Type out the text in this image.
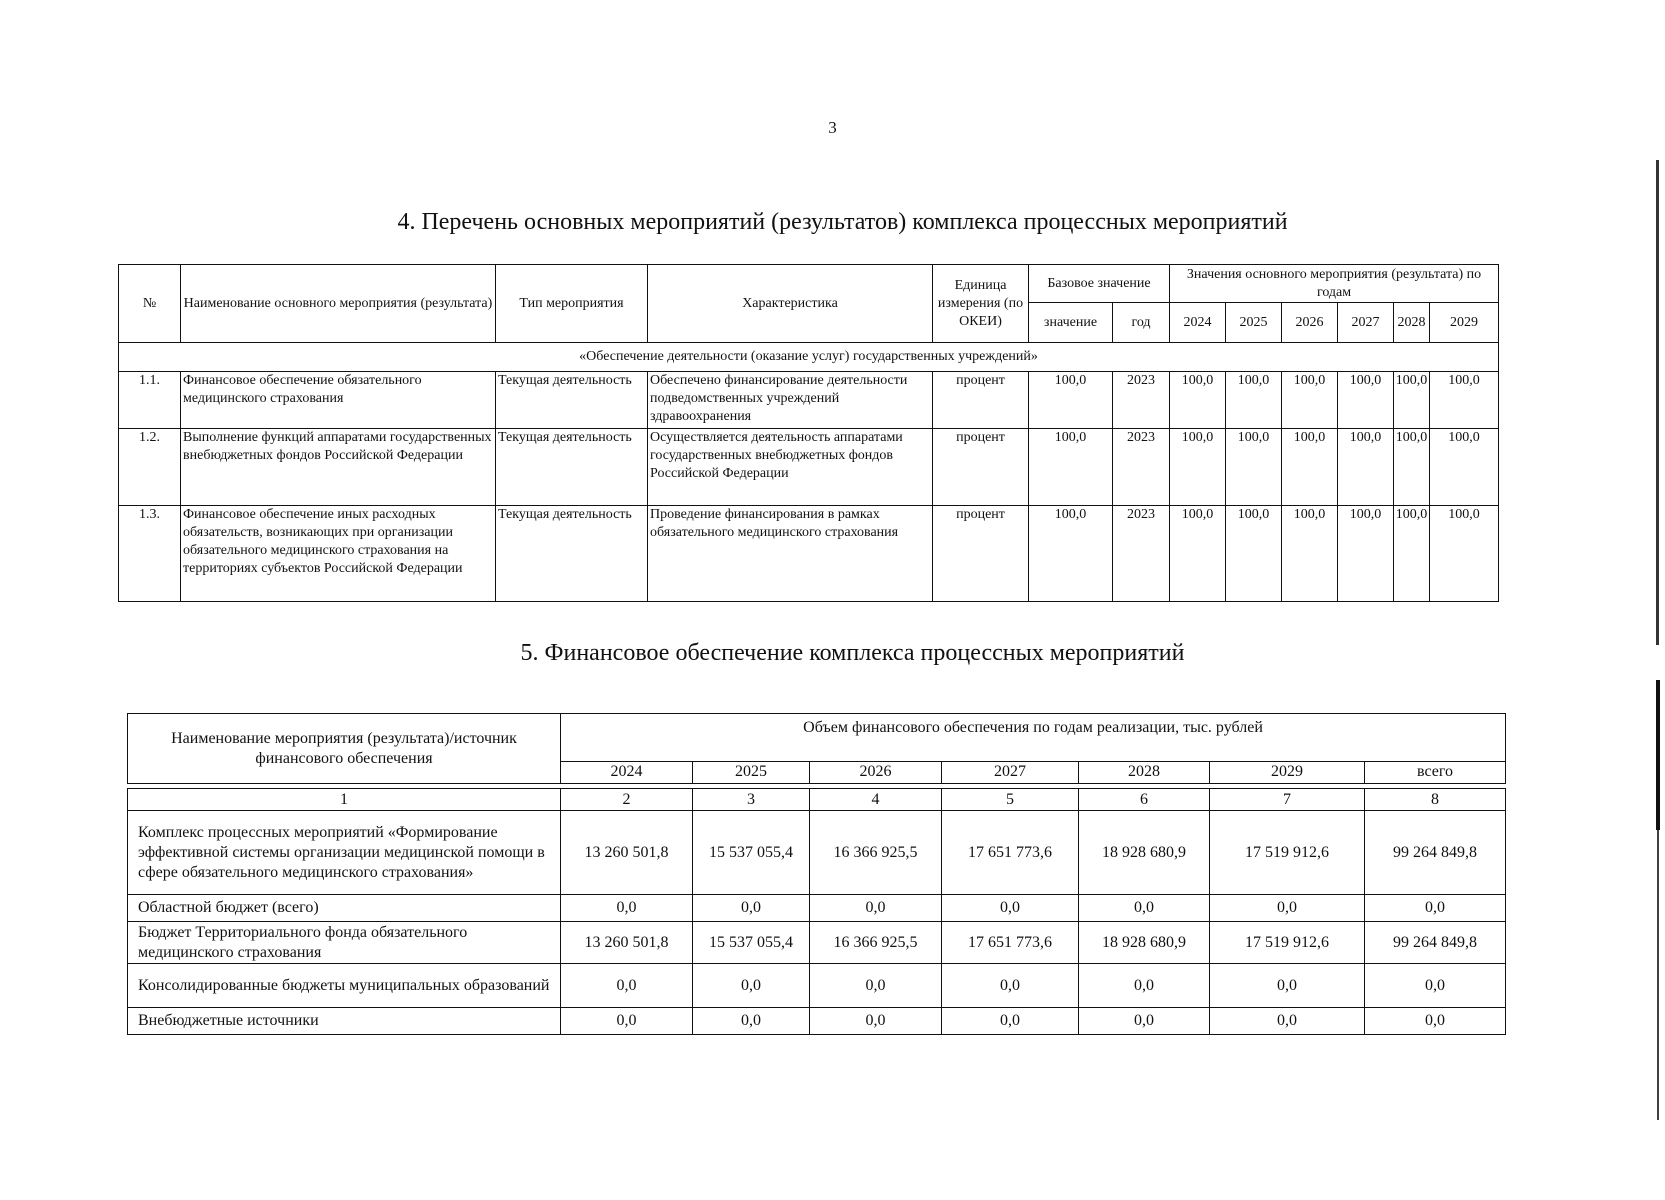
3
4. Перечень основных мероприятий (результатов) комплекса процессных мероприятий
№	Наименование основного мероприятия (результата)	Тип мероприятия	Характеристика	Единица измерения (по ОКЕИ)	Базовое значение		Значения основного мероприятия (результата) по годам					
					значение	год	2024	2025	2026	2027	2028	2029
«Обеспечение деятельности (оказание услуг) государственных учреждений»												
1.1.	Финансовое обеспечение обязательного медицинского страхования	Текущая деятельность	Обеспечено финансирование деятельности подведомственных учреждений здравоохранения	процент	100,0	2023	100,0	100,0	100,0	100,0	100,0	100,0
1.2.	Выполнение функций аппаратами государственных внебюджетных фондов Российской Федерации	Текущая деятельность	Осуществляется деятельность аппаратами государственных внебюджетных фондов Российской Федерации	процент	100,0	2023	100,0	100,0	100,0	100,0	100,0	100,0
1.3.	Финансовое обеспечение иных расходных обязательств, возникающих при организации обязательного медицинского страхования на территориях субъектов Российской Федерации	Текущая деятельность	Проведение финансирования в рамках обязательного медицинского страхования	процент	100,0	2023	100,0	100,0	100,0	100,0	100,0	100,0
5. Финансовое обеспечение комплекса процессных мероприятий
Наименование мероприятия (результата)/источник финансового обеспечения	Объем финансового обеспечения по годам реализации, тыс. рублей						
	2024	2025	2026	2027	2028	2029	всего

1	2	3	4	5	6	7	8
Комплекс процессных мероприятий «Формирование эффективной системы организации медицинской помощи в сфере обязательного медицинского страхования»	13 260 501,8	15 537 055,4	16 366 925,5	17 651 773,6	18 928 680,9	17 519 912,6	99 264 849,8
Областной бюджет (всего)	0,0	0,0	0,0	0,0	0,0	0,0	0,0
Бюджет Территориального фонда обязательного медицинского страхования	13 260 501,8	15 537 055,4	16 366 925,5	17 651 773,6	18 928 680,9	17 519 912,6	99 264 849,8
Консолидированные бюджеты муниципальных образований	0,0	0,0	0,0	0,0	0,0	0,0	0,0
Внебюджетные источники	0,0	0,0	0,0	0,0	0,0	0,0	0,0
